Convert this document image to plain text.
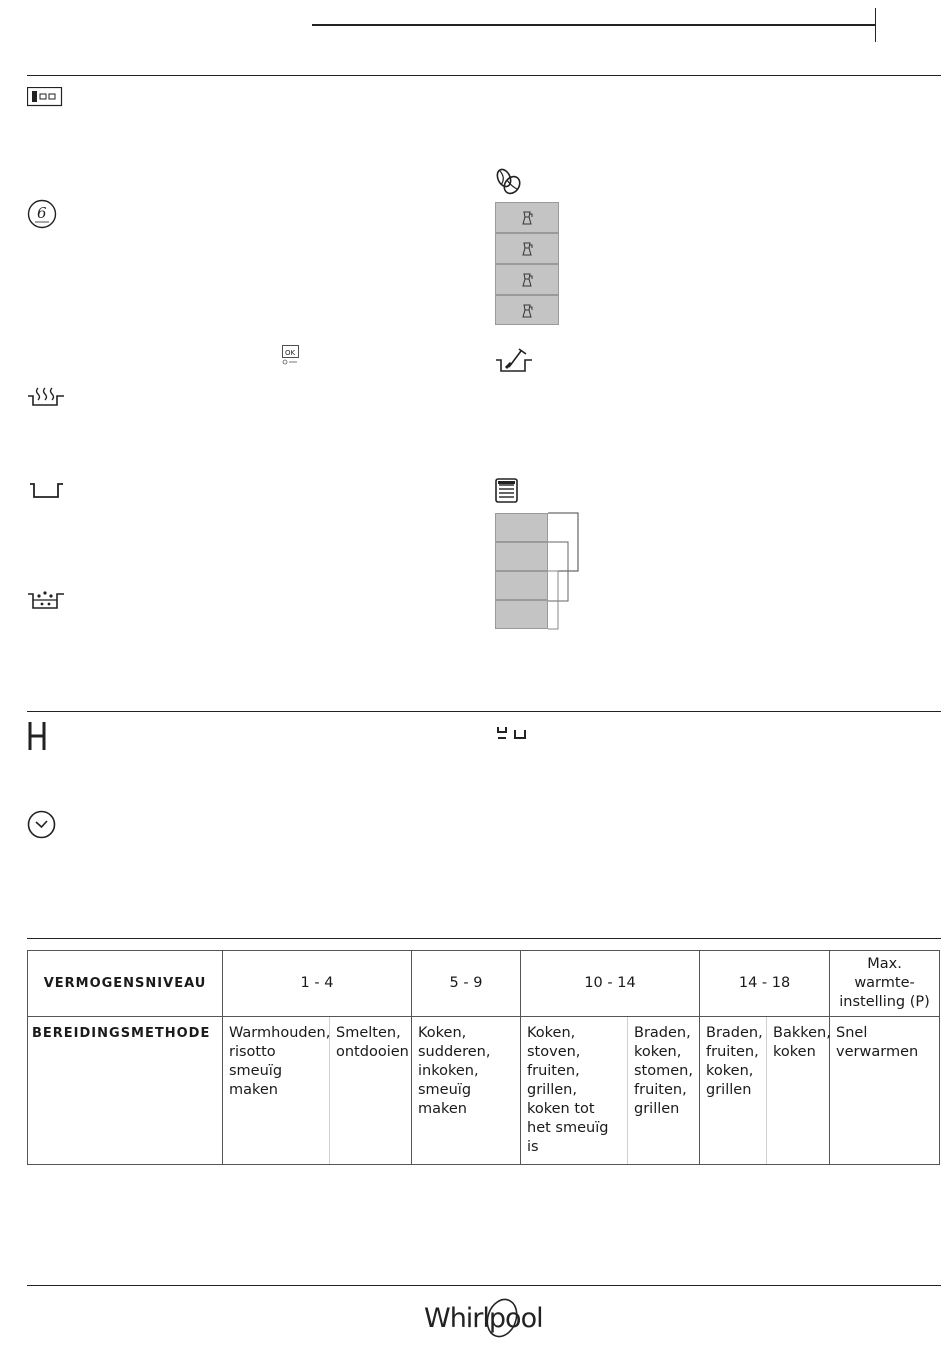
6
OK
VERMOGENSNIVEAU	1 - 4		5 - 9	10 - 14		14 - 18		Max. warmte- instelling (P)
BEREIDINGSMETHODE	Warmhouden, risotto smeuïg maken	Smelten, ontdooien	Koken, sudderen, inkoken, smeuïg maken	Koken, stoven, fruiten, grillen, koken tot het smeuïg is	Braden, koken, stomen, fruiten, grillen	Braden, fruiten, koken, grillen	Bakken, koken	Snel verwarmen
Whirlpool
